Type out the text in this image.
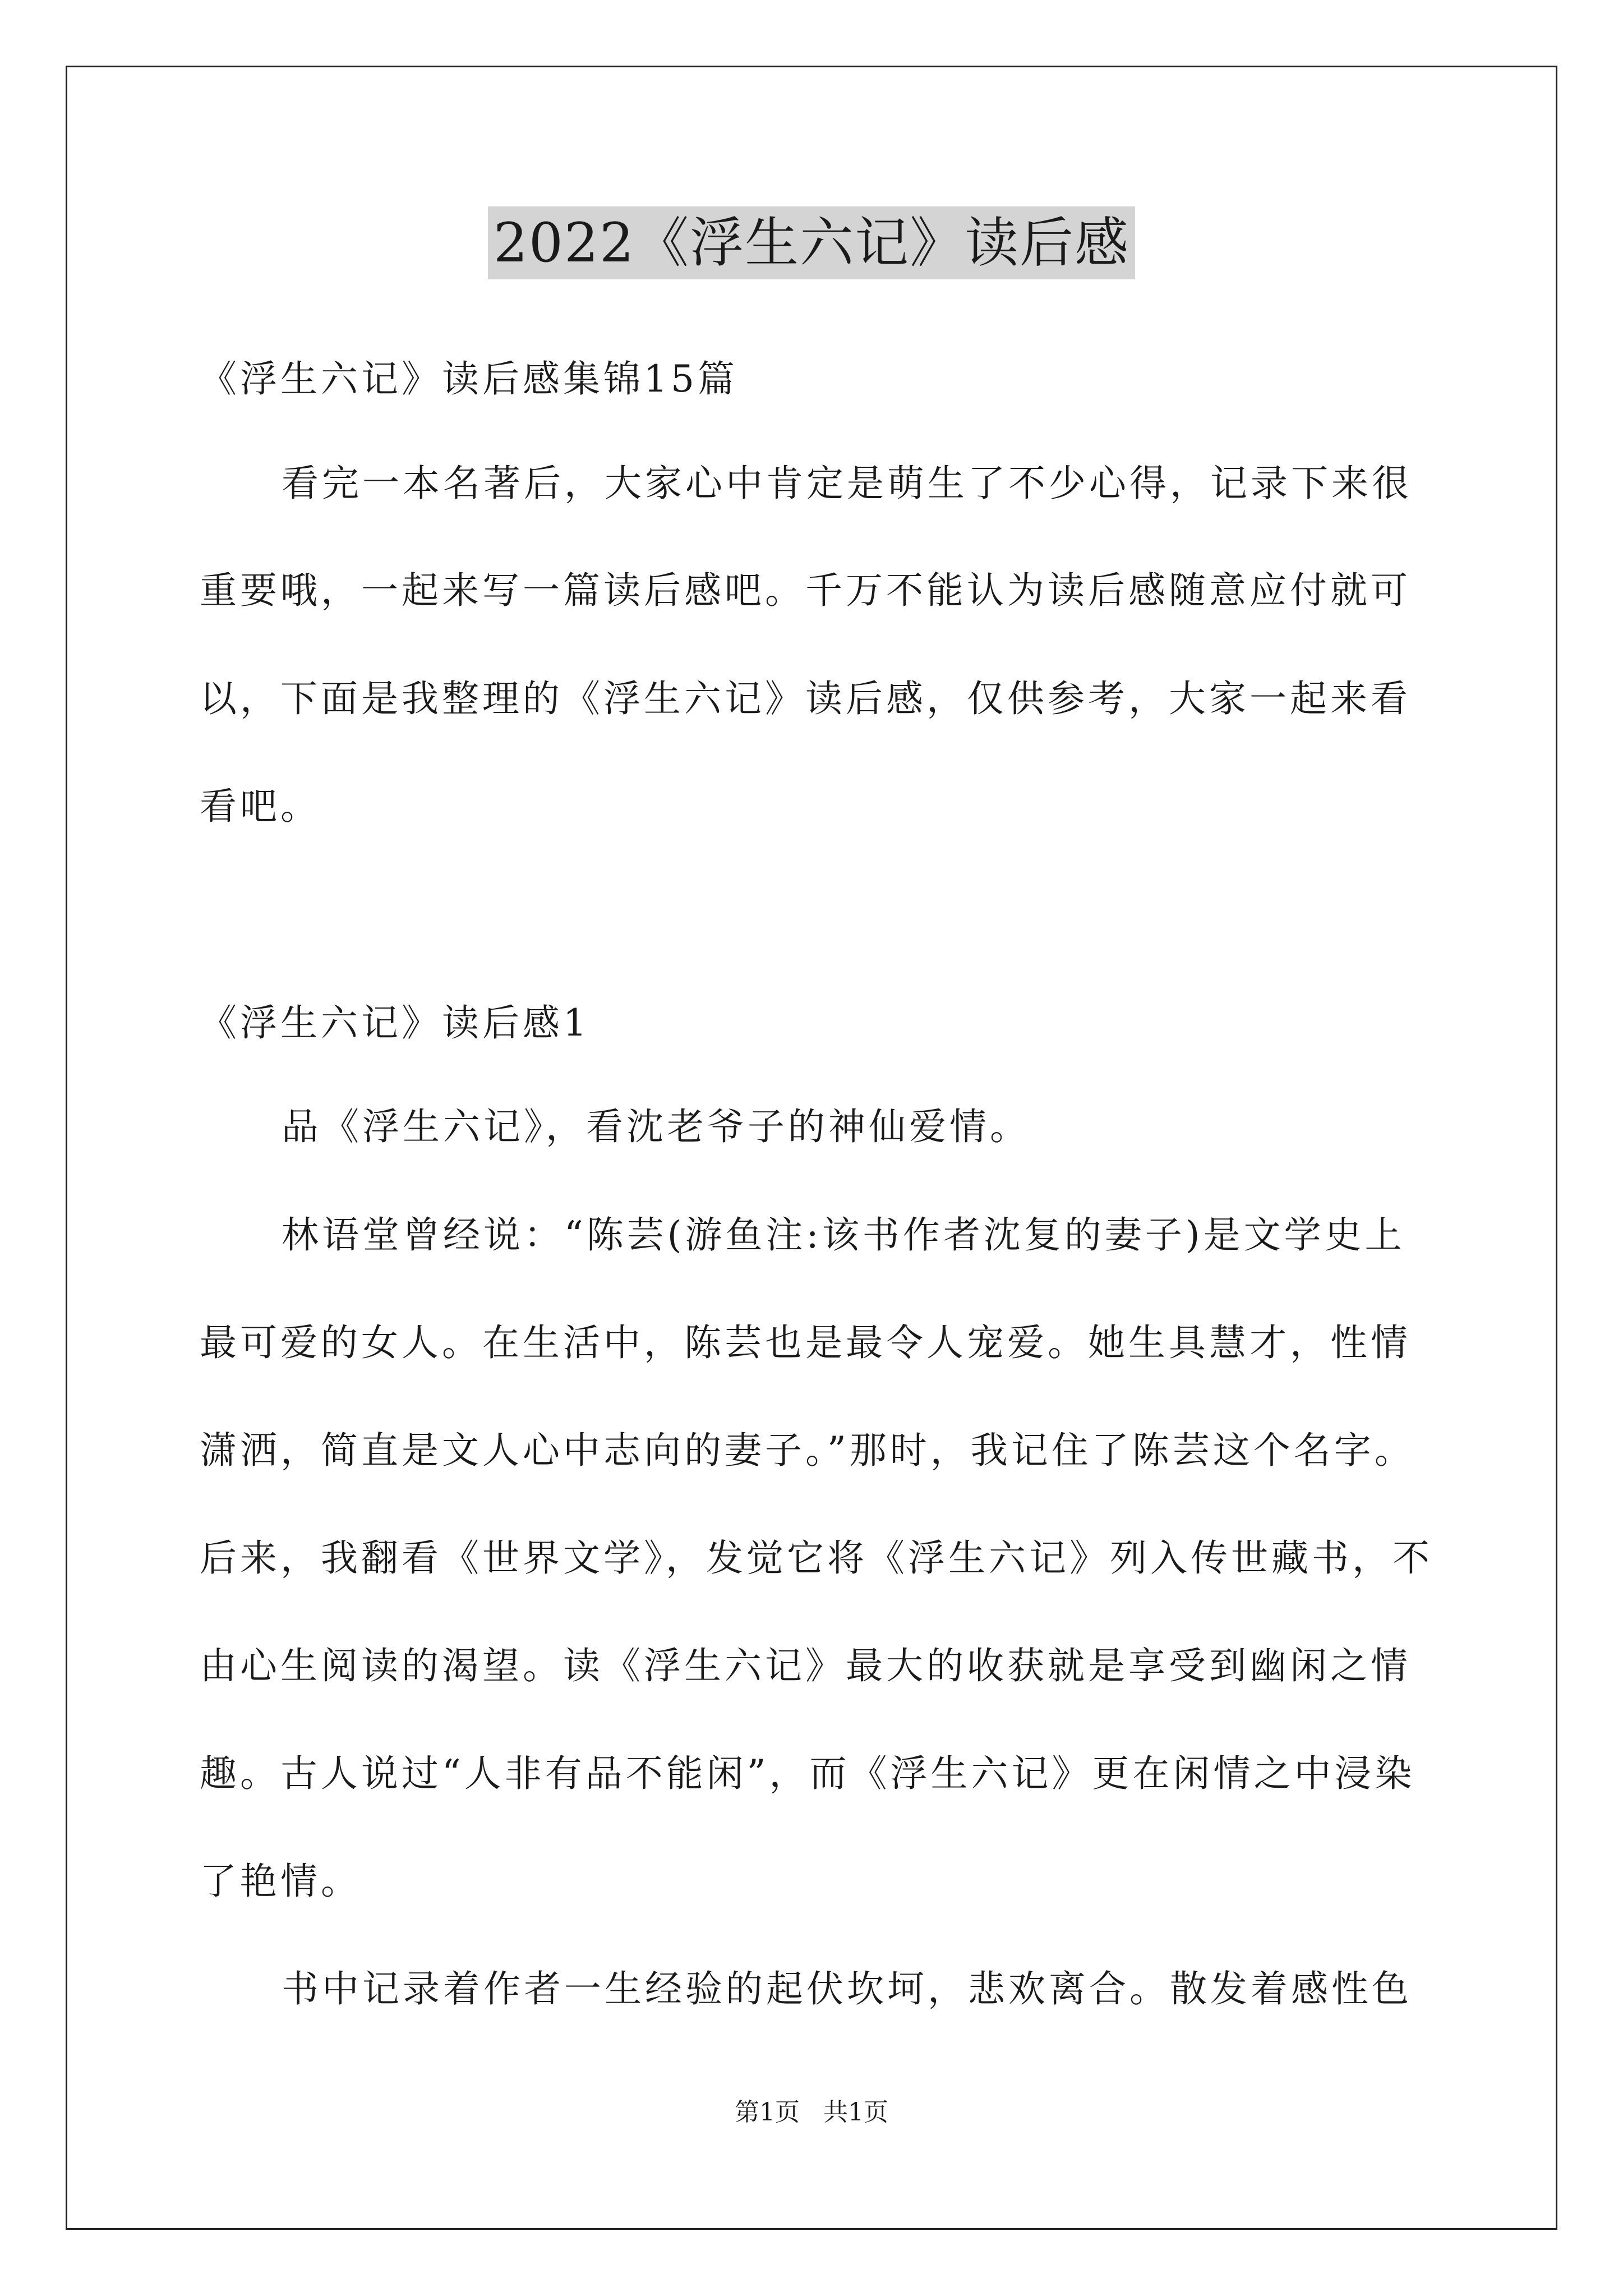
2022《浮生六记》读后感
《浮生六记》读后感集锦15篇
看完一本名著后，大家心中肯定是萌生了不少心得，记录下来很
重要哦，一起来写一篇读后感吧。千万不能认为读后感随意应付就可
以，下面是我整理的《浮生六记》读后感，仅供参考，大家一起来看
看吧。
《浮生六记》读后感1
品《浮生六记》，看沈老爷子的神仙爱情。
林语堂曾经说：“陈芸(游鱼注:该书作者沈复的妻子)是文学史上
最可爱的女人。在生活中，陈芸也是最令人宠爱。她生具慧才，性情
潇洒，简直是文人心中志向的妻子。”那时，我记住了陈芸这个名字。
后来，我翻看《世界文学》，发觉它将《浮生六记》列入传世藏书，不
由心生阅读的渴望。读《浮生六记》最大的收获就是享受到幽闲之情
趣。古人说过“人非有品不能闲”，而《浮生六记》更在闲情之中浸染
了艳情。
书中记录着作者一生经验的起伏坎坷，悲欢离合。散发着感性色
第1页 共1页
